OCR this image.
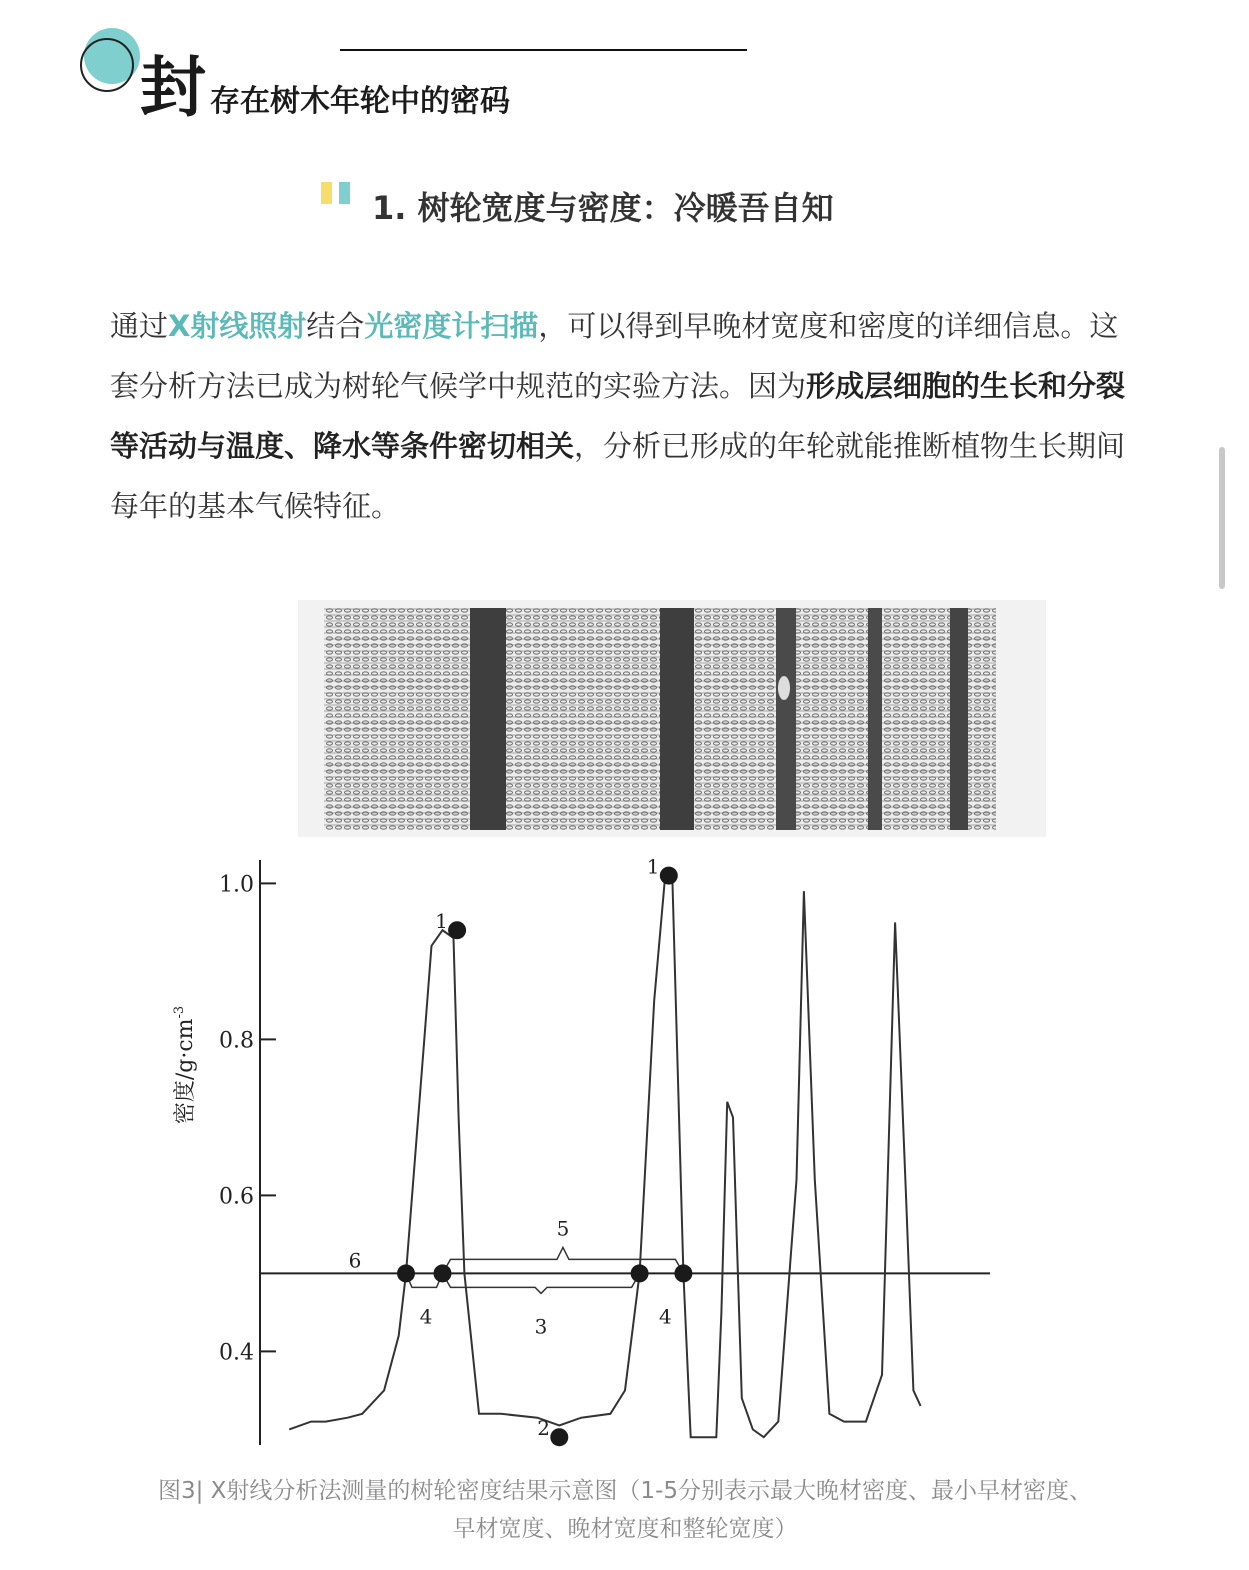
封 存在树木年轮中的密码
1. 树轮宽度与密度：冷暖吾自知
通过X射线照射结合光密度计扫描，可以得到早晚材宽度和密度的详细信息。这套分析方法已成为树轮气候学中规范的实验方法。因为形成层细胞的生长和分裂等活动与温度、降水等条件密切相关，分析已形成的年轮就能推断植物生长期间每年的基本气候特征。
1.0
0.8
0.6
0.4
1
1
2
3
4
5
6
4
密度$/g\cdot cm^{-3}$
图3| X射线分析法测量的树轮密度结果示意图（1-5分别表示最大晚材密度、最小早材密度、
早材宽度、晚材宽度和整轮宽度）
